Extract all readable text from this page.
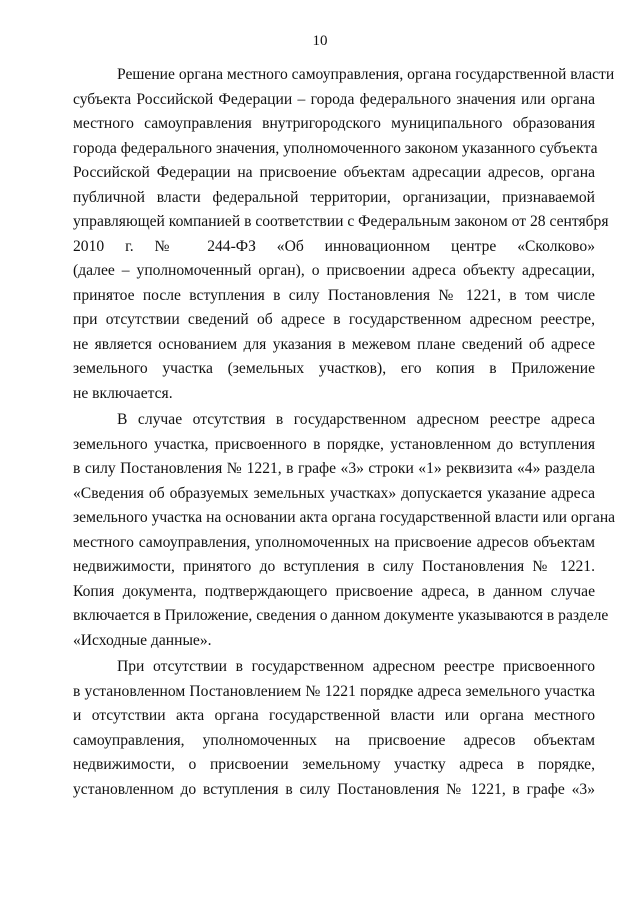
10
Решение органа местного самоуправления, органа государственной власти
субъекта Российской Федерации – города федерального значения или органа
местного самоуправления внутригородского муниципального образования
города федерального значения, уполномоченного законом указанного субъекта
Российской Федерации на присвоение объектам адресации адресов, органа
публичной власти федеральной территории, организации, признаваемой
управляющей компанией в соответствии с Федеральным законом от 28 сентября
2010 г. № 244-ФЗ «Об инновационном центре «Сколково»
(далее – уполномоченный орган), о присвоении адреса объекту адресации,
принятое после вступления в силу Постановления № 1221, в том числе
при отсутствии сведений об адресе в государственном адресном реестре,
не является основанием для указания в межевом плане сведений об адресе
земельного участка (земельных участков), его копия в Приложение
не включается.
В случае отсутствия в государственном адресном реестре адреса
земельного участка, присвоенного в порядке, установленном до вступления
в силу Постановления № 1221, в графе «3» строки «1» реквизита «4» раздела
«Сведения об образуемых земельных участках» допускается указание адреса
земельного участка на основании акта органа государственной власти или органа
местного самоуправления, уполномоченных на присвоение адресов объектам
недвижимости, принятого до вступления в силу Постановления № 1221.
Копия документа, подтверждающего присвоение адреса, в данном случае
включается в Приложение, сведения о данном документе указываются в разделе
«Исходные данные».
При отсутствии в государственном адресном реестре присвоенного
в установленном Постановлением № 1221 порядке адреса земельного участка
и отсутствии акта органа государственной власти или органа местного
самоуправления, уполномоченных на присвоение адресов объектам
недвижимости, о присвоении земельному участку адреса в порядке,
установленном до вступления в силу Постановления № 1221, в графе «3»
